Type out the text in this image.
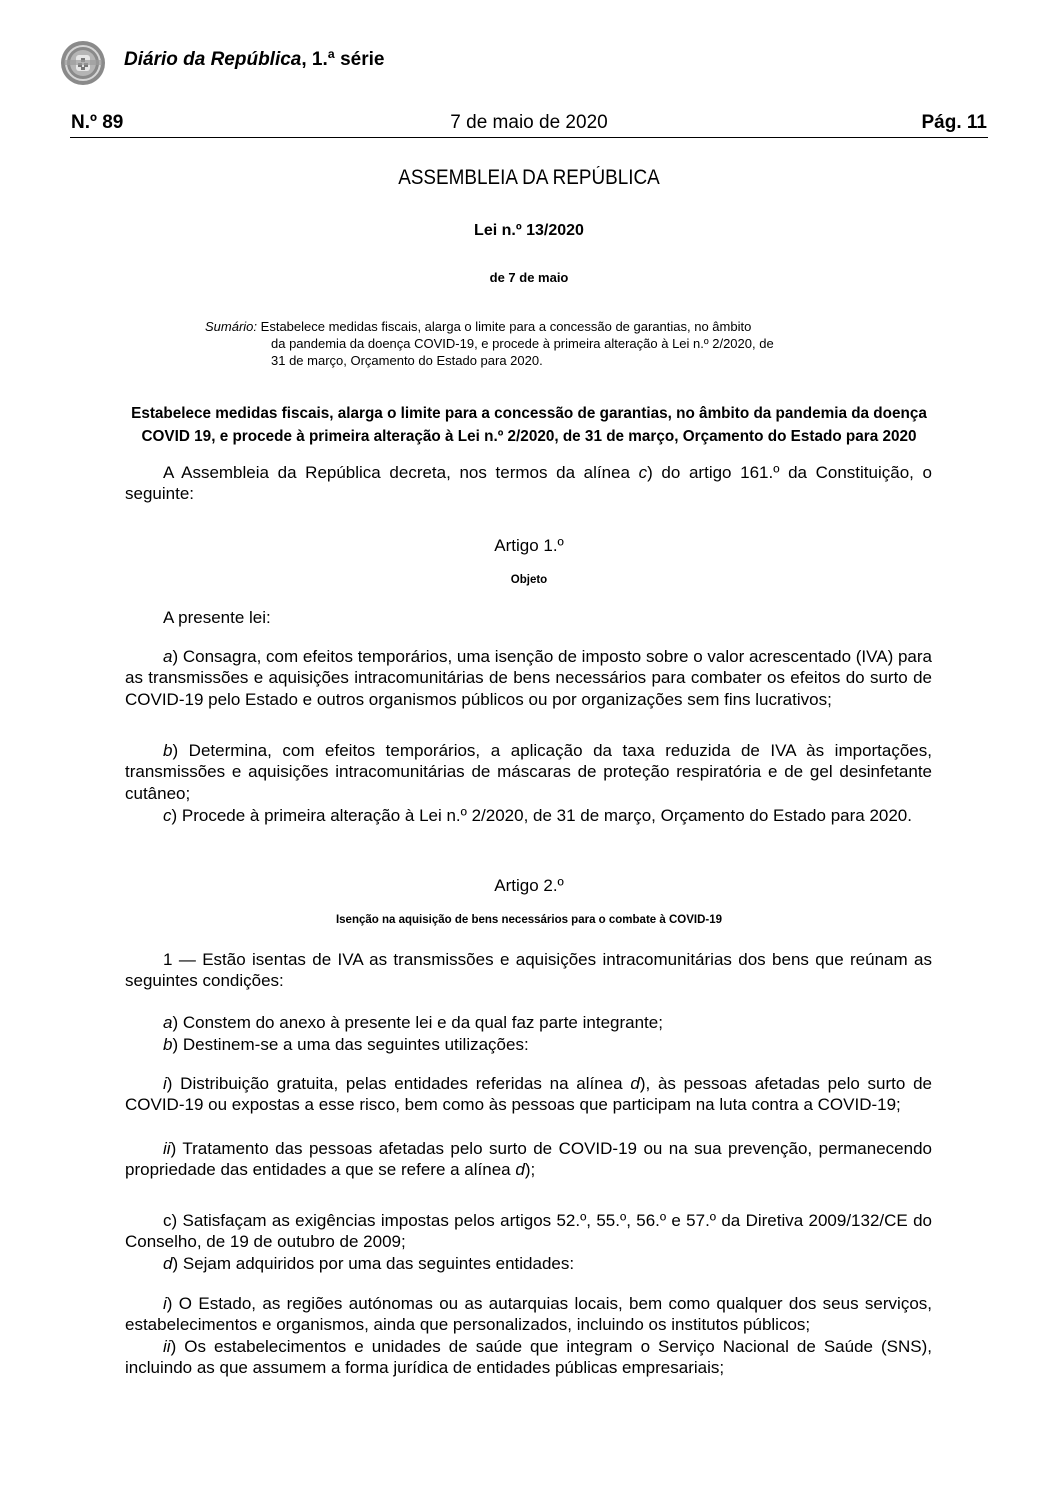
Diário da República, 1.ª série
N.º 89	7 de maio de 2020	Pág. 11
ASSEMBLEIA DA REPÚBLICA
Lei n.º 13/2020
de 7 de maio
Sumário: Estabelece medidas fiscais, alarga o limite para a concessão de garantias, no âmbito
da pandemia da doença COVID-19, e procede à primeira alteração à Lei n.º 2/2020, de
31 de março, Orçamento do Estado para 2020.
Estabelece medidas fiscais, alarga o limite para a concessão de garantias, no âmbito da pandemia da doença
COVID 19, e procede à primeira alteração à Lei n.º 2/2020, de 31 de março, Orçamento do Estado para 2020
A Assembleia da República decreta, nos termos da alínea c) do artigo 161.º da Constituição, o seguinte:
Artigo 1.º
Objeto
A presente lei:
a) Consagra, com efeitos temporários, uma isenção de imposto sobre o valor acrescentado (IVA) para as transmissões e aquisições intracomunitárias de bens necessários para combater os efeitos do surto de COVID-19 pelo Estado e outros organismos públicos ou por organizações sem fins lucrativos;
b) Determina, com efeitos temporários, a aplicação da taxa reduzida de IVA às importações, transmissões e aquisições intracomunitárias de máscaras de proteção respiratória e de gel desinfetante cutâneo;
c) Procede à primeira alteração à Lei n.º 2/2020, de 31 de março, Orçamento do Estado para 2020.
Artigo 2.º
Isenção na aquisição de bens necessários para o combate à COVID-19
1 — Estão isentas de IVA as transmissões e aquisições intracomunitárias dos bens que reúnam as seguintes condições:
a) Constem do anexo à presente lei e da qual faz parte integrante;
b) Destinem-se a uma das seguintes utilizações:
i) Distribuição gratuita, pelas entidades referidas na alínea d), às pessoas afetadas pelo surto de COVID-19 ou expostas a esse risco, bem como às pessoas que participam na luta contra a COVID-19;
ii) Tratamento das pessoas afetadas pelo surto de COVID-19 ou na sua prevenção, permanecendo propriedade das entidades a que se refere a alínea d);
c) Satisfaçam as exigências impostas pelos artigos 52.º, 55.º, 56.º e 57.º da Diretiva 2009/132/CE do Conselho, de 19 de outubro de 2009;
d) Sejam adquiridos por uma das seguintes entidades:
i) O Estado, as regiões autónomas ou as autarquias locais, bem como qualquer dos seus serviços, estabelecimentos e organismos, ainda que personalizados, incluindo os institutos públicos;
ii) Os estabelecimentos e unidades de saúde que integram o Serviço Nacional de Saúde (SNS), incluindo as que assumem a forma jurídica de entidades públicas empresariais;
